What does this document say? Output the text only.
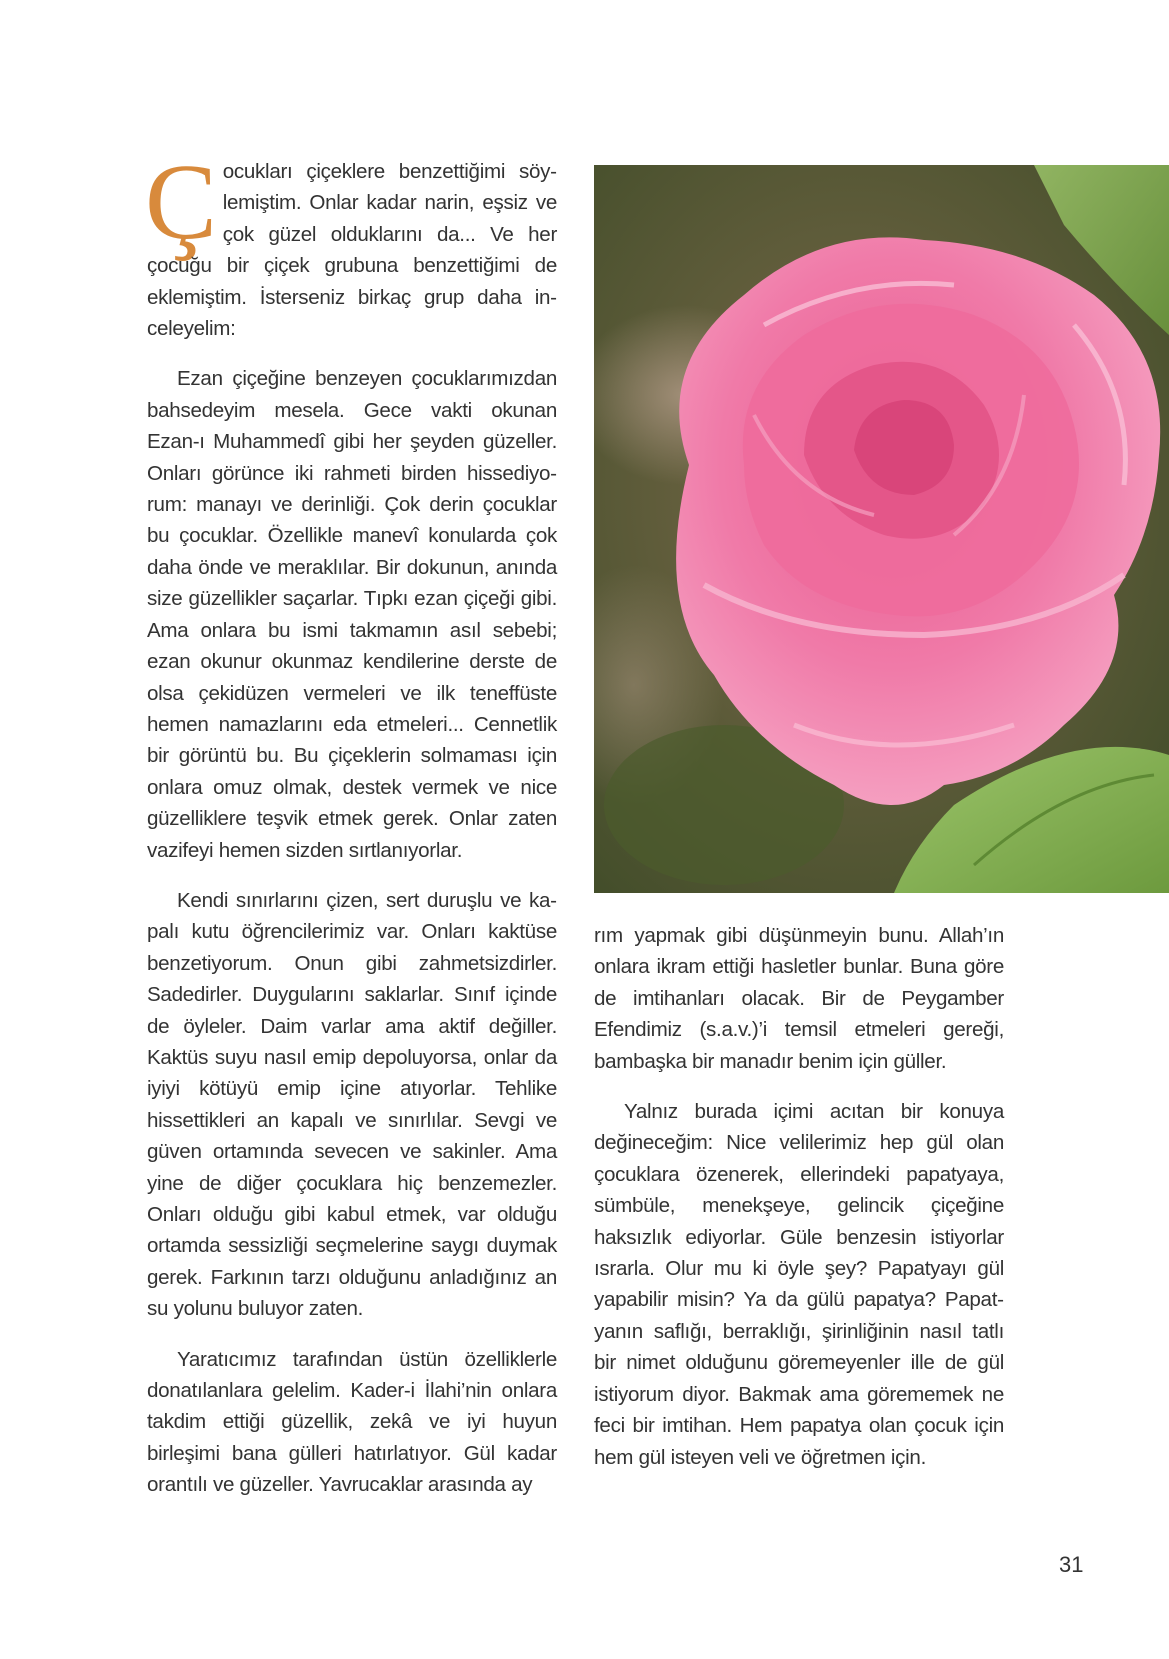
Çocukları çiçeklere benzettiğimi söylemiştim. Onlar kadar narin, eşsiz ve çok güzel olduklarını da... Ve her çocuğu bir çiçek grubuna benzettiğimi de eklemiştim. İsterseniz birkaç grup daha inceleyelim:

Ezan çiçeğine benzeyen çocuklarımızdan bahsedeyim mesela. Gece vakti okunan Ezan-ı Muhammedî gibi her şeyden güzeller. Onları görünce iki rahmeti birden hissediyorum: manayı ve derinliği. Çok derin çocuklar bu çocuklar. Özellikle manevî konularda çok daha önde ve meraklılar. Bir dokunun, anında size güzellikler saçarlar. Tıpkı ezan çiçeği gibi. Ama onlara bu ismi takmamın asıl sebebi; ezan okunur okunmaz kendilerine derste de olsa çekidüzen vermeleri ve ilk teneffüste hemen namazlarını eda etmeleri... Cennetlik bir görüntü bu. Bu çiçeklerin solmaması için onlara omuz olmak, destek vermek ve nice güzelliklere teşvik etmek gerek. Onlar zaten vazifeyi hemen sizden sırtlanıyorlar.

Kendi sınırlarını çizen, sert duruşlu ve kapalı kutu öğrencilerimiz var. Onları kaktüse benzetiyorum. Onun gibi zahmetsizdirler. Sadedirler. Duygularını saklarlar. Sınıf içinde de öyleler. Daim varlar ama aktif değiller. Kaktüs suyu nasıl emip depoluyorsa, onlar da iyiyi kötüyü emip içine atıyorlar. Tehlike hissettikleri an kapalı ve sınırlılar. Sevgi ve güven ortamında sevecen ve sakinler. Ama yine de diğer çocuklara hiç benzemezler. Onları olduğu gibi kabul etmek, var olduğu ortamda sessizliği seçmelerine saygı duymak gerek. Farkının tarzı olduğunu anladığınız an su yolunu buluyor zaten.

Yaratıcımız tarafından üstün özelliklerle donatılanlara gelelim. Kader-i İlahi’nin onlara takdim ettiği güzellik, zekâ ve iyi huyun birleşimi bana gülleri hatırlatıyor. Gül kadar orantılı ve güzeller. Yavrucaklar arasında ay

rım yapmak gibi düşünmeyin bunu. Allah’ın onlara ikram ettiği hasletler bunlar. Buna göre de imtihanları olacak. Bir de Peygamber Efendimiz (s.a.v.)’i temsil etmeleri gereği, bambaşka bir manadır benim için güller.

Yalnız burada içimi acıtan bir konuya değineceğim: Nice velilerimiz hep gül olan çocuklara özenerek, ellerindeki papatyaya, sümbüle, menekşeye, gelincik çiçeğine haksızlık ediyorlar. Güle benzesin istiyorlar ısrarla. Olur mu ki öyle şey? Papatyayı gül yapabilir misin? Ya da gülü papatya? Papatyanın saflığı, berraklığı, şirinliğinin nasıl tatlı bir nimet olduğunu göremeyenler ille de gül istiyorum diyor. Bakmak ama görememek ne feci bir imtihan. Hem papatya olan çocuk için hem gül isteyen veli ve öğretmen için.

31
